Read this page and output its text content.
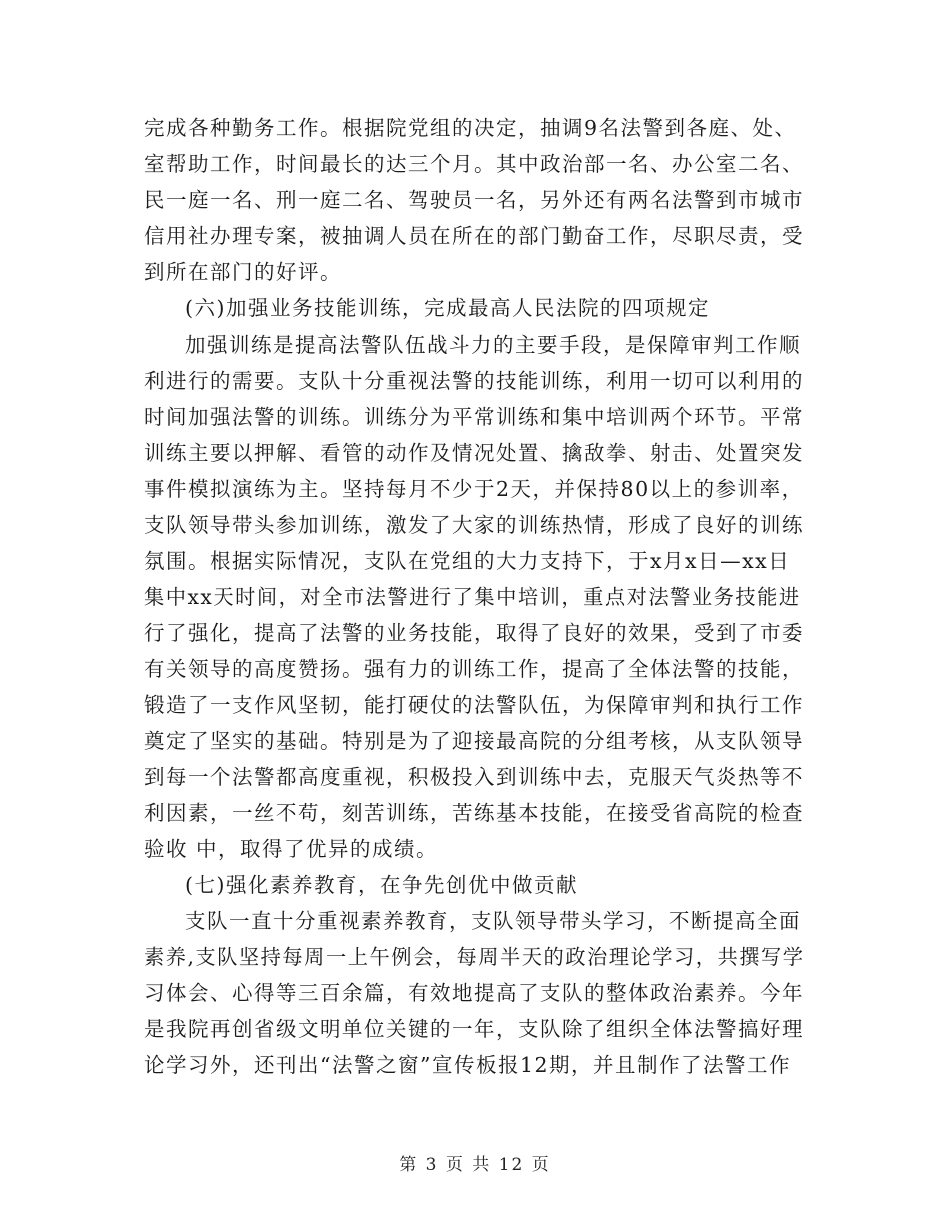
完成各种勤务工作。根据院党组的决定，抽调9名法警到各庭、处、
室帮助工作，时间最长的达三个月。其中政治部一名、办公室二名、
民一庭一名、刑一庭二名、驾驶员一名，另外还有两名法警到市城市
信用社办理专案，被抽调人员在所在的部门勤奋工作，尽职尽责，受
到所在部门的好评。
(六)加强业务技能训练，完成最高人民法院的四项规定
加强训练是提高法警队伍战斗力的主要手段，是保障审判工作顺
利进行的需要。支队十分重视法警的技能训练，利用一切可以利用的
时间加强法警的训练。训练分为平常训练和集中培训两个环节。平常
训练主要以押解、看管的动作及情况处置、擒敌拳、射击、处置突发
事件模拟演练为主。坚持每月不少于2天，并保持80以上的参训率，
支队领导带头参加训练，激发了大家的训练热情，形成了良好的训练
氛围。根据实际情况，支队在党组的大力支持下，于x月x日—xx日
集中xx天时间，对全市法警进行了集中培训，重点对法警业务技能进
行了强化，提高了法警的业务技能，取得了良好的效果，受到了市委
有关领导的高度赞扬。强有力的训练工作，提高了全体法警的技能，
锻造了一支作风坚韧，能打硬仗的法警队伍，为保障审判和执行工作
奠定了坚实的基础。特别是为了迎接最高院的分组考核，从支队领导
到每一个法警都高度重视，积极投入到训练中去，克服天气炎热等不
利因素，一丝不苟，刻苦训练，苦练基本技能，在接受省高院的检查
验收 中，取得了优异的成绩。
(七)强化素养教育，在争先创优中做贡献
支队一直十分重视素养教育，支队领导带头学习，不断提高全面
素养,支队坚持每周一上午例会，每周半天的政治理论学习，共撰写学
习体会、心得等三百余篇，有效地提高了支队的整体政治素养。今年
是我院再创省级文明单位关键的一年，支队除了组织全体法警搞好理
论学习外，还刊出“法警之窗”宣传板报12期，并且制作了法警工作
第 3 页 共 12 页
